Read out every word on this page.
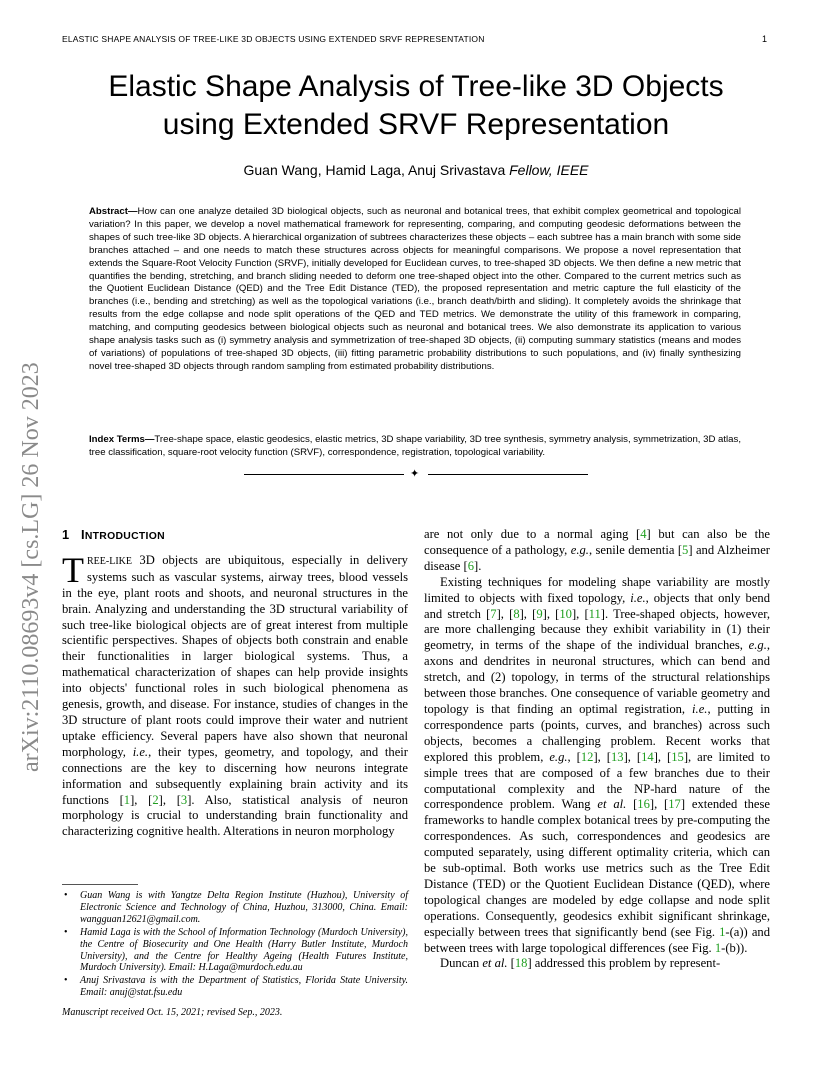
ELASTIC SHAPE ANALYSIS OF TREE-LIKE 3D OBJECTS USING EXTENDED SRVF REPRESENTATION	1
arXiv:2110.08693v4 [cs.LG] 26 Nov 2023
Elastic Shape Analysis of Tree-like 3D Objects
using Extended SRVF Representation
Guan Wang, Hamid Laga, Anuj Srivastava Fellow, IEEE
Abstract—How can one analyze detailed 3D biological objects, such as neuronal and botanical trees, that exhibit complex geometrical and topological variation? In this paper, we develop a novel mathematical framework for representing, comparing, and computing geodesic deformations between the shapes of such tree-like 3D objects. A hierarchical organization of subtrees characterizes these objects – each subtree has a main branch with some side branches attached – and one needs to match these structures across objects for meaningful comparisons. We propose a novel representation that extends the Square-Root Velocity Function (SRVF), initially developed for Euclidean curves, to tree-shaped 3D objects. We then define a new metric that quantifies the bending, stretching, and branch sliding needed to deform one tree-shaped object into the other. Compared to the current metrics such as the Quotient Euclidean Distance (QED) and the Tree Edit Distance (TED), the proposed representation and metric capture the full elasticity of the branches (i.e., bending and stretching) as well as the topological variations (i.e., branch death/birth and sliding). It completely avoids the shrinkage that results from the edge collapse and node split operations of the QED and TED metrics. We demonstrate the utility of this framework in comparing, matching, and computing geodesics between biological objects such as neuronal and botanical trees. We also demonstrate its application to various shape analysis tasks such as (i) symmetry analysis and symmetrization of tree-shaped 3D objects, (ii) computing summary statistics (means and modes of variations) of populations of tree-shaped 3D objects, (iii) fitting parametric probability distributions to such populations, and (iv) finally synthesizing novel tree-shaped 3D objects through random sampling from estimated probability distributions.
Index Terms—Tree-shape space, elastic geodesics, elastic metrics, 3D shape variability, 3D tree synthesis, symmetry analysis, symmetrization, 3D atlas, tree classification, square-root velocity function (SRVF), correspondence, registration, topological variability.
✦
1 INTRODUCTION

TREE-LIKE 3D objects are ubiquitous, especially in delivery systems such as vascular systems, airway trees, blood vessels in the eye, plant roots and shoots, and neuronal structures in the brain. Analyzing and understanding the 3D structural variability of such tree-like biological objects are of great interest from multiple scientific perspectives. Shapes of objects both constrain and enable their functionalities in larger biological systems. Thus, a mathematical characterization of shapes can help provide insights into objects' functional roles in such biological phenomena as genesis, growth, and disease. For instance, studies of changes in the 3D structure of plant roots could improve their water and nutrient uptake efficiency. Several papers have also shown that neuronal morphology, i.e., their types, geometry, and topology, and their connections are the key to discerning how neurons integrate information and subsequently explaining brain activity and its functions [1], [2], [3]. Also, statistical analysis of neuron morphology is crucial to understanding brain functionality and characterizing cognitive health. Alterations in neuron morphology

• Guan Wang is with Yangtze Delta Region Institute (Huzhou), University of Electronic Science and Technology of China, Huzhou, 313000, China. Email: wangguan12621@gmail.com.
• Hamid Laga is with the School of Information Technology (Murdoch University), the Centre of Biosecurity and One Health (Harry Butler Institute, Murdoch University), and the Centre for Healthy Ageing (Health Futures Institute, Murdoch University). Email: H.Laga@murdoch.edu.au
• Anuj Srivastava is with the Department of Statistics, Florida State University. Email: anuj@stat.fsu.edu
Manuscript received Oct. 15, 2021; revised Sep., 2023.

are not only due to a normal aging [4] but can also be the consequence of a pathology, e.g., senile dementia [5] and Alzheimer disease [6].

Existing techniques for modeling shape variability are mostly limited to objects with fixed topology, i.e., objects that only bend and stretch [7], [8], [9], [10], [11]. Tree-shaped objects, however, are more challenging because they exhibit variability in (1) their geometry, in terms of the shape of the individual branches, e.g., axons and dendrites in neuronal structures, which can bend and stretch, and (2) topology, in terms of the structural relationships between those branches. One consequence of variable geometry and topology is that finding an optimal registration, i.e., putting in correspondence parts (points, curves, and branches) across such objects, becomes a challenging problem. Recent works that explored this problem, e.g., [12], [13], [14], [15], are limited to simple trees that are composed of a few branches due to their computational complexity and the NP-hard nature of the correspondence problem. Wang et al. [16], [17] extended these frameworks to handle complex botanical trees by pre-computing the correspondences. As such, correspondences and geodesics are computed separately, using different optimality criteria, which can be sub-optimal. Both works use metrics such as the Tree Edit Distance (TED) or the Quotient Euclidean Distance (QED), where topological changes are modeled by edge collapse and node split operations. Consequently, geodesics exhibit significant shrinkage, especially between trees that significantly bend (see Fig. 1-(a)) and between trees with large topological differences (see Fig. 1-(b)).

Duncan et al. [18] addressed this problem by represent-
